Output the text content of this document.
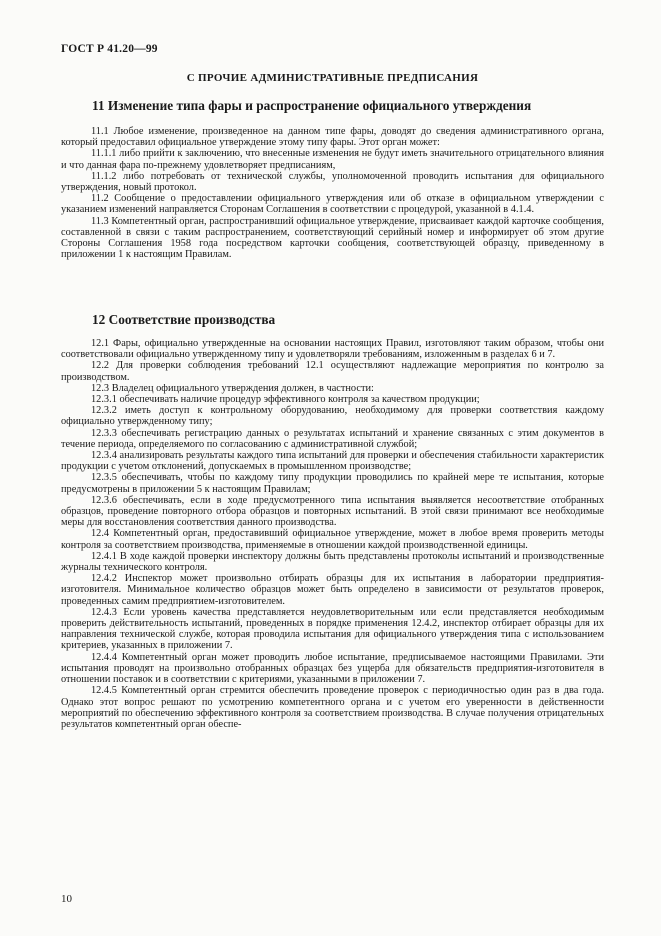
ГОСТ Р 41.20—99
С ПРОЧИЕ АДМИНИСТРАТИВНЫЕ ПРЕДПИСАНИЯ
11 Изменение типа фары и распространение официального утверждения

11.1 Любое изменение, произведенное на данном типе фары, доводят до сведения административного органа, который предоставил официальное утверждение этому типу фары. Этот орган может:

11.1.1 либо прийти к заключению, что внесенные изменения не будут иметь значительного отрицательного влияния и что данная фара по-прежнему удовлетворяет предписаниям,

11.1.2 либо потребовать от технической службы, уполномоченной проводить испытания для официального утверждения, новый протокол.

11.2 Сообщение о предоставлении официального утверждения или об отказе в официальном утверждении с указанием изменений направляется Сторонам Соглашения в соответствии с процедурой, указанной в 4.1.4.

11.3 Компетентный орган, распространивший официальное утверждение, присваивает каждой карточке сообщения, составленной в связи с таким распространением, соответствующий серийный номер и информирует об этом другие Стороны Соглашения 1958 года посредством карточки сообщения, соответствующей образцу, приведенному в приложении 1 к настоящим Правилам.

12 Соответствие производства

12.1 Фары, официально утвержденные на основании настоящих Правил, изготовляют таким образом, чтобы они соответствовали официально утвержденному типу и удовлетворяли требованиям, изложенным в разделах 6 и 7.

12.2 Для проверки соблюдения требований 12.1 осуществляют надлежащие мероприятия по контролю за производством.

12.3 Владелец официального утверждения должен, в частности:

12.3.1 обеспечивать наличие процедур эффективного контроля за качеством продукции;

12.3.2 иметь доступ к контрольному оборудованию, необходимому для проверки соответствия каждому официально утвержденному типу;

12.3.3 обеспечивать регистрацию данных о результатах испытаний и хранение связанных с этим документов в течение периода, определяемого по согласованию с административной службой;

12.3.4 анализировать результаты каждого типа испытаний для проверки и обеспечения стабильности характеристик продукции с учетом отклонений, допускаемых в промышленном производстве;

12.3.5 обеспечивать, чтобы по каждому типу продукции проводились по крайней мере те испытания, которые предусмотрены в приложении 5 к настоящим Правилам;

12.3.6 обеспечивать, если в ходе предусмотренного типа испытания выявляется несоответствие отобранных образцов, проведение повторного отбора образцов и повторных испытаний. В этой связи принимают все необходимые меры для восстановления соответствия данного производства.

12.4 Компетентный орган, предоставивший официальное утверждение, может в любое время проверить методы контроля за соответствием производства, применяемые в отношении каждой производственной единицы.

12.4.1 В ходе каждой проверки инспектору должны быть представлены протоколы испытаний и производственные журналы технического контроля.

12.4.2 Инспектор может произвольно отбирать образцы для их испытания в лаборатории предприятия-изготовителя. Минимальное количество образцов может быть определено в зависимости от результатов проверок, проведенных самим предприятием-изготовителем.

12.4.3 Если уровень качества представляется неудовлетворительным или если представляется необходимым проверить действительность испытаний, проведенных в порядке применения 12.4.2, инспектор отбирает образцы для их направления технической службе, которая проводила испытания для официального утверждения типа с использованием критериев, указанных в приложении 7.

12.4.4 Компетентный орган может проводить любое испытание, предписываемое настоящими Правилами. Эти испытания проводят на произвольно отобранных образцах без ущерба для обязательств предприятия-изготовителя в отношении поставок и в соответствии с критериями, указанными в приложении 7.

12.4.5 Компетентный орган стремится обеспечить проведение проверок с периодичностью один раз в два года. Однако этот вопрос решают по усмотрению компетентного органа и с учетом его уверенности в действенности мероприятий по обеспечению эффективного контроля за соответствием производства. В случае получения отрицательных результатов компетентный орган обеспе-

10
